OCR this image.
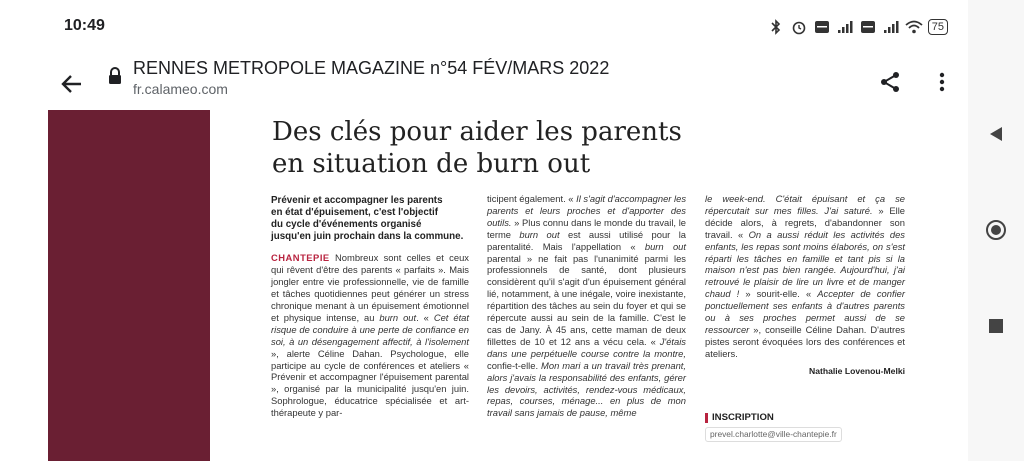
10:49	75
RENNES METROPOLE MAGAZINE n°54 FÉV/MARS 2022
fr.calameo.com
Des clés pour aider les parents
en situation de burn out
Prévenir et accompagner les parents
en état d'épuisement, c'est l'objectif
du cycle d'événements organisé
jusqu'en juin prochain dans la commune.

CHANTEPIE Nombreux sont celles et ceux qui rêvent d'être des parents « parfaits ». Mais jongler entre vie professionnelle, vie de famille et tâches quotidiennes peut générer un stress chronique menant à un épuisement émotionnel et physique intense, au burn out. « Cet état risque de conduire à une perte de confiance en soi, à un désengagement affectif, à l'isolement », alerte Céline Dahan. Psychologue, elle participe au cycle de conférences et ateliers « Prévenir et accompagner l'épuisement parental », organisé par la municipalité jusqu'en juin. Sophrologue, éducatrice spécialisée et art-thérapeute y par-

ticipent également. « Il s'agit d'accompagner les parents et leurs proches et d'apporter des outils. » Plus connu dans le monde du travail, le terme burn out est aussi utilisé pour la parentalité. Mais l'appellation « burn out parental » ne fait pas l'unanimité parmi les professionnels de santé, dont plusieurs considèrent qu'il s'agit d'un épuisement général lié, notamment, à une inégale, voire inexistante, répartition des tâches au sein du foyer et qui se répercute aussi au sein de la famille. C'est le cas de Jany. À 45 ans, cette maman de deux fillettes de 10 et 12 ans a vécu cela. « J'étais dans une perpétuelle course contre la montre, confie-t-elle. Mon mari a un travail très prenant, alors j'avais la responsabilité des enfants, gérer les devoirs, activités, rendez-vous médicaux, repas, courses, ménage... en plus de mon travail sans jamais de pause, même

le week-end. C'était épuisant et ça se répercutait sur mes filles. J'ai saturé. » Elle décide alors, à regrets, d'abandonner son travail. « On a aussi réduit les activités des enfants, les repas sont moins élaborés, on s'est réparti les tâches en famille et tant pis si la maison n'est pas bien rangée. Aujourd'hui, j'ai retrouvé le plaisir de lire un livre et de manger chaud ! » sourit-elle. « Accepter de confier ponctuellement ses enfants à d'autres parents ou à ses proches permet aussi de se ressourcer », conseille Céline Dahan. D'autres pistes seront évoquées lors des conférences et ateliers.

Nathalie Lovenou-Melki
INSCRIPTION
prevel.charlotte@ville-chantepie.fr
